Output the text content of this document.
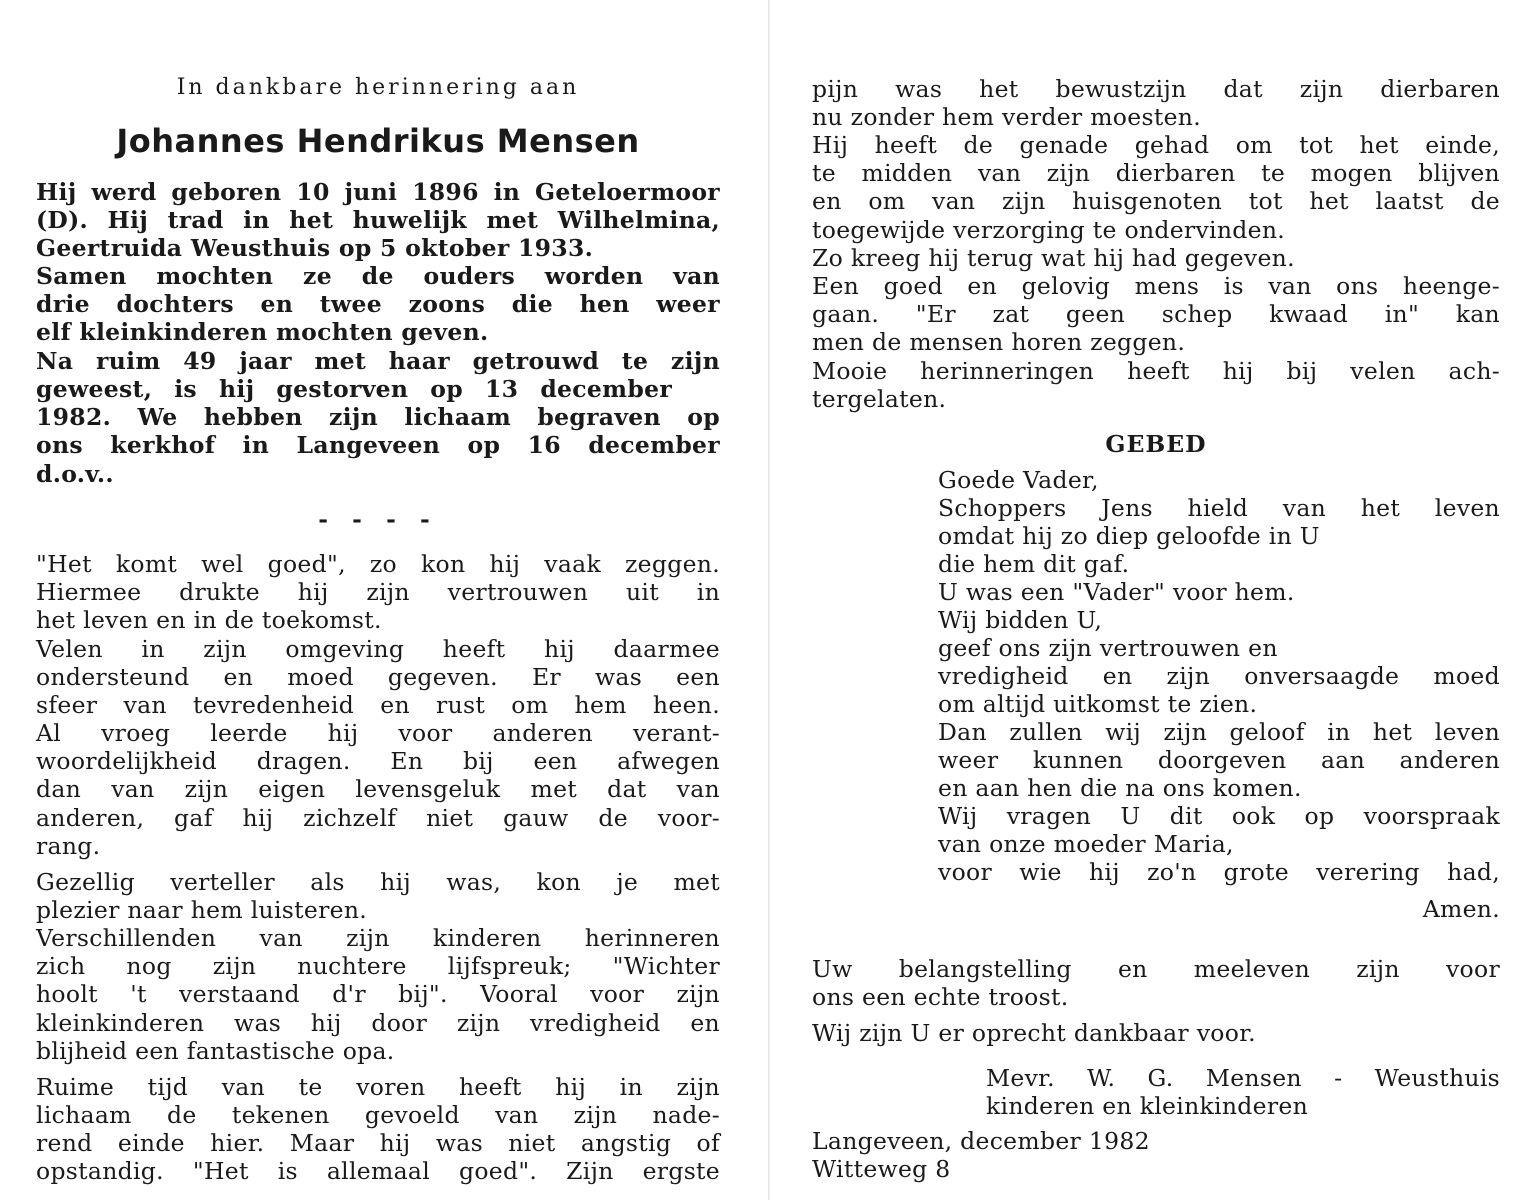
In dankbare herinnering aan
Johannes Hendrikus Mensen
Hij werd geboren 10 juni 1896 in Geteloermoor
(D). Hij trad in het huwelijk met Wilhelmina,
Geertruida Weusthuis op 5 oktober 1933.
Samen mochten ze de ouders worden van
drie dochters en twee zoons die hen weer
elf kleinkinderen mochten geven.
Na ruim 49 jaar met haar getrouwd te zijn
geweest, is hij gestorven op 13 december
1982. We hebben zijn lichaam begraven op
ons kerkhof in Langeveen op 16 december
d.o.v..
- - - -
"Het komt wel goed", zo kon hij vaak zeggen.
Hiermee drukte hij zijn vertrouwen uit in
het leven en in de toekomst.
Velen in zijn omgeving heeft hij daarmee
ondersteund en moed gegeven. Er was een
sfeer van tevredenheid en rust om hem heen.
Al vroeg leerde hij voor anderen verant-
woordelijkheid dragen. En bij een afwegen
dan van zijn eigen levensgeluk met dat van
anderen, gaf hij zichzelf niet gauw de voor-
rang.
Gezellig verteller als hij was, kon je met
plezier naar hem luisteren.
Verschillenden van zijn kinderen herinneren
zich nog zijn nuchtere lijfspreuk; "Wichter
hoolt 't verstaand d'r bij". Vooral voor zijn
kleinkinderen was hij door zijn vredigheid en
blijheid een fantastische opa.
Ruime tijd van te voren heeft hij in zijn
lichaam de tekenen gevoeld van zijn nade-
rend einde hier. Maar hij was niet angstig of
opstandig. "Het is allemaal goed". Zijn ergste
pijn was het bewustzijn dat zijn dierbaren
nu zonder hem verder moesten.
Hij heeft de genade gehad om tot het einde,
te midden van zijn dierbaren te mogen blijven
en om van zijn huisgenoten tot het laatst de
toegewijde verzorging te ondervinden.
Zo kreeg hij terug wat hij had gegeven.
Een goed en gelovig mens is van ons heenge-
gaan. "Er zat geen schep kwaad in" kan
men de mensen horen zeggen.
Mooie herinneringen heeft hij bij velen ach-
tergelaten.
GEBED
Goede Vader,
Schoppers Jens hield van het leven
omdat hij zo diep geloofde in U
die hem dit gaf.
U was een "Vader" voor hem.
Wij bidden U,
geef ons zijn vertrouwen en
vredigheid en zijn onversaagde moed
om altijd uitkomst te zien.
Dan zullen wij zijn geloof in het leven
weer kunnen doorgeven aan anderen
en aan hen die na ons komen.
Wij vragen U dit ook op voorspraak
van onze moeder Maria,
voor wie hij zo'n grote verering had,
Amen.
Uw belangstelling en meeleven zijn voor
ons een echte troost.
Wij zijn U er oprecht dankbaar voor.
Mevr. W. G. Mensen - Weusthuis
kinderen en kleinkinderen
Langeveen, december 1982
Witteweg 8
